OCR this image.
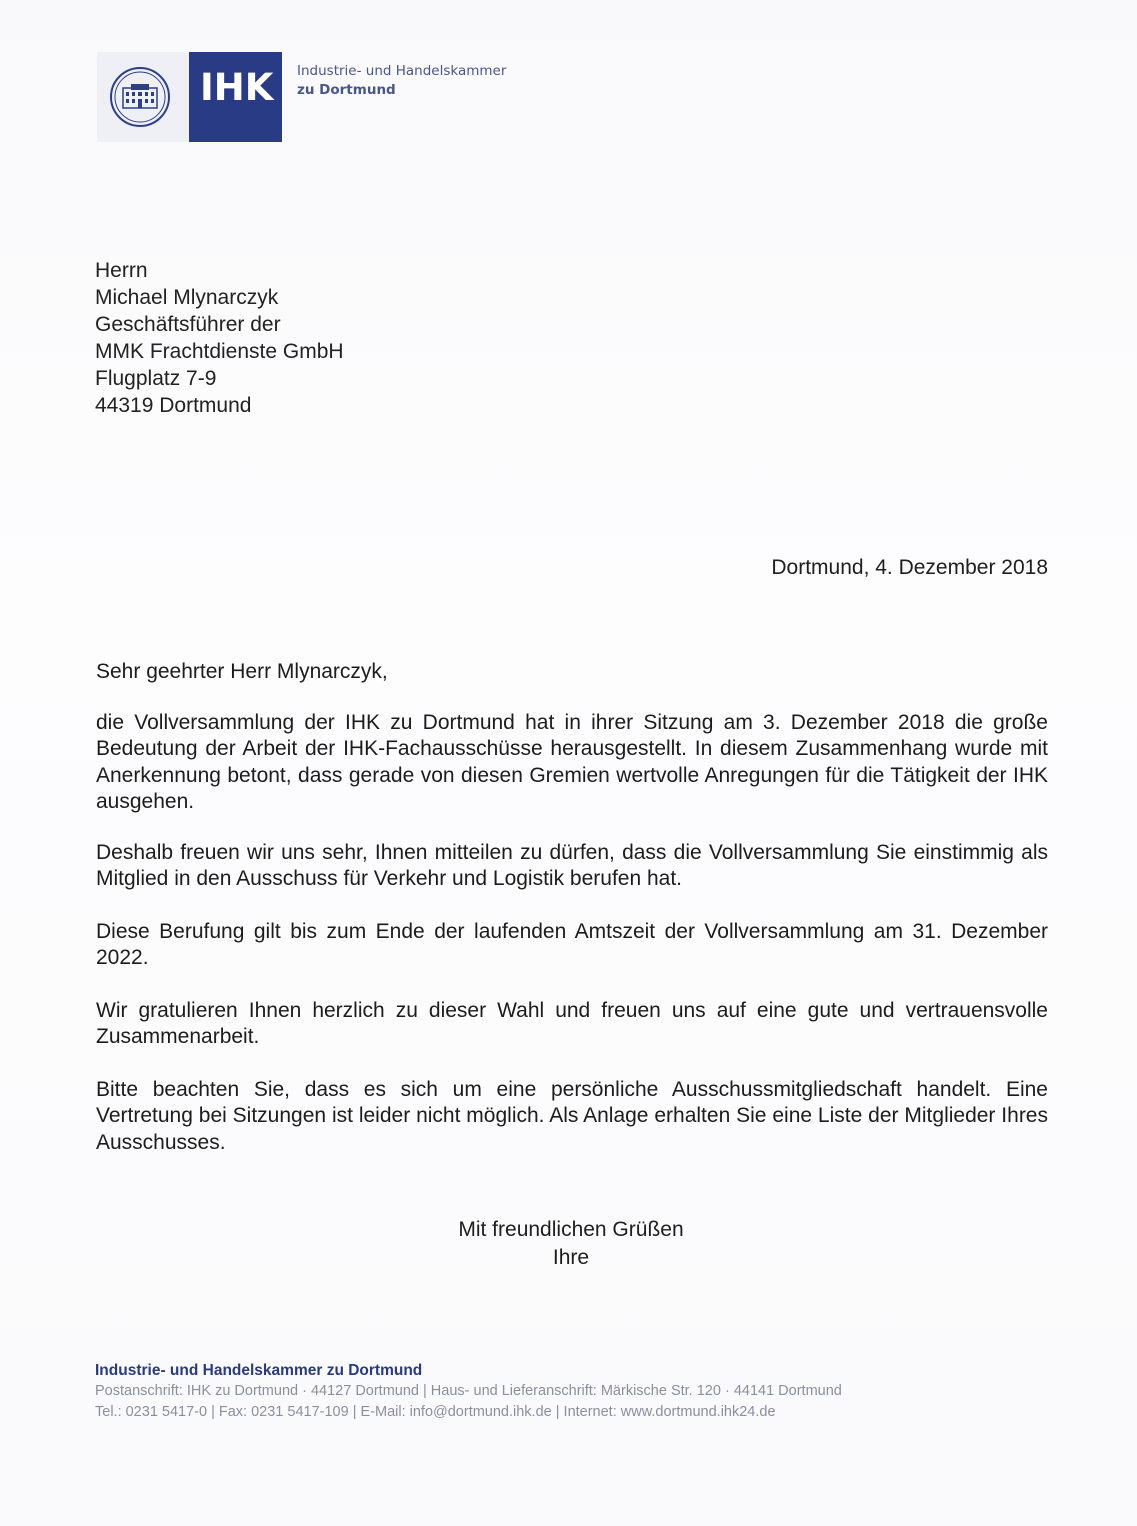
IHK Industrie- und Handelskammer
zu Dortmund
Herrn
Michael Mlynarczyk
Geschäftsführer der
MMK Frachtdienste GmbH
Flugplatz 7-9
44319 Dortmund
Dortmund, 4. Dezember 2018

Sehr geehrter Herr Mlynarczyk,

die Vollversammlung der IHK zu Dortmund hat in ihrer Sitzung am 3. Dezember 2018 die große Bedeutung der Arbeit der IHK-Fachausschüsse herausgestellt. In diesem Zusammenhang wurde mit Anerkennung betont, dass gerade von diesen Gremien wertvolle Anregungen für die Tätigkeit der IHK ausgehen.

Deshalb freuen wir uns sehr, Ihnen mitteilen zu dürfen, dass die Vollversammlung Sie einstimmig als Mitglied in den Ausschuss für Verkehr und Logistik berufen hat.

Diese Berufung gilt bis zum Ende der laufenden Amtszeit der Vollversammlung am 31. Dezember 2022.

Wir gratulieren Ihnen herzlich zu dieser Wahl und freuen uns auf eine gute und vertrauensvolle Zusammenarbeit.

Bitte beachten Sie, dass es sich um eine persönliche Ausschussmitgliedschaft handelt. Eine Vertretung bei Sitzungen ist leider nicht möglich. Als Anlage erhalten Sie eine Liste der Mitglieder Ihres Ausschusses.

Mit freundlichen Grüßen
Ihre
Industrie- und Handelskammer zu Dortmund
Postanschrift: IHK zu Dortmund · 44127 Dortmund | Haus- und Lieferanschrift: Märkische Str. 120 · 44141 Dortmund
Tel.: 0231 5417-0 | Fax: 0231 5417-109 | E-Mail: info@dortmund.ihk.de | Internet: www.dortmund.ihk24.de
